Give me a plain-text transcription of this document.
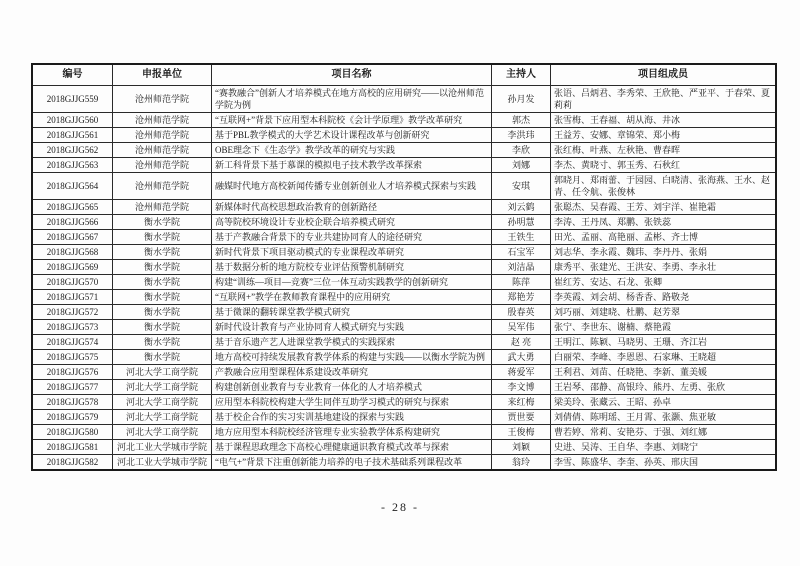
编号	申报单位	项目名称	主持人	项目组成员
2018GJJG559	沧州师范学院	“赛教融合”创新人才培养模式在地方高校的应用研究——以沧州师范学院为例	孙月发	张语、吕炳君、李秀荣、王欣艳、严亚平、于春荣、夏莉莉
2018GJJG560	沧州师范学院	“互联网+”背景下应用型本科院校《会计学原理》教学改革研究	郭杰	张雪梅、王春福、胡从海、井冰
2018GJJG561	沧州师范学院	基于PBL教学模式的大学艺术设计课程改革与创新研究	李洪玮	王益芳、安娜、章锦荣、郑小梅
2018GJJG562	沧州师范学院	OBE理念下《生态学》教学改革的研究与实践	李欣	张红梅、叶燕、左秋艳、曹春晖
2018GJJG563	沧州师范学院	新工科背景下基于慕课的模拟电子技术教学改革探索	刘娜	李杰、黄晓寸、郭玉秀、石秋红
2018GJJG564	沧州师范学院	融媒时代地方高校新闻传播专业创新创业人才培养模式探索与实践	安琪	郭晓月、郑雨蕾、于园园、白晓清、张海燕、王水、赵青、任令航、张俊林
2018GJJG565	沧州师范学院	新媒体时代高校思想政治教育的创新路径	刘云鹤	张聪杰、吴春霞、王芳、刘宇洋、崔艳霜
2018GJJG566	衡水学院	高等院校环境设计专业校企联合培养模式研究	孙明慧	李涛、王丹凤、郑鹏、张铁蕊
2018GJJG567	衡水学院	基于产教融合背景下的专业共建协同育人的途径研究	王铁生	田光、孟丽、高艳丽、孟彬、齐士博
2018GJJG568	衡水学院	新时代背景下项目驱动模式的专业课程改革研究	石宝军	刘志华、李永霞、魏玮、李丹丹、张娟
2018GJJG569	衡水学院	基于数据分析的地方院校专业评估预警机制研究	刘洁晶	康秀平、张建光、王洪安、李勇、李永壮
2018GJJG570	衡水学院	构建“训练—项目—竞赛”三位一体互动实践教学的创新研究	陈萍	崔红芳、安达、石龙、张卿
2018GJJG571	衡水学院	“互联网+”教学在教师教育课程中的应用研究	郑艳芳	李英霞、刘会胡、杨香香、路敬尧
2018GJJG572	衡水学院	基于微课的翻转课堂教学模式研究	殷春英	刘巧丽、刘建晓、杜鹏、赵芳翠
2018GJJG573	衡水学院	新时代设计教育与产业协同育人模式研究与实践	吴军伟	张宁、李世东、谢楠、蔡艳霞
2018GJJG574	衡水学院	基于音乐遗产艺人进课堂教学模式的实践探索	赵 亮	王明江、陈颖、马晓男、王珊、齐江岩
2018GJJG575	衡水学院	地方高校可持续发展教育教学体系的构建与实践——以衡水学院为例	武大勇	白丽荣、李峰、李恩恩、石家琳、王晓超
2018GJJG576	河北大学工商学院	产教融合应用型课程体系建设改革研究	蒋爱军	王利君、刘苗、任晓艳、李新、董美媛
2018GJJG577	河北大学工商学院	构建创新创业教育与专业教育一体化的人才培养模式	李文博	王岩琴、邵静、高银玲、熊丹、左勇、张欣
2018GJJG578	河北大学工商学院	应用型本科院校构建大学生同伴互助学习模式的研究与探索	来红梅	梁美玲、张藏云、王昭、孙卓
2018GJJG579	河北大学工商学院	基于校企合作的实习实训基地建设的探索与实践	贾世要	刘倩倩、陈明瑶、王月霄、张灏、焦亚敏
2018GJJG580	河北大学工商学院	地方应用型本科院校经济管理专业实验教学体系构建研究	王俊梅	曹若婷、常莉、安艳芬、于强、刘红娜
2018GJJG581	河北工业大学城市学院	基于课程思政理念下高校心理健康通识教育模式改革与探索	刘颖	史进、吴涛、王自华、李惠、刘晓宁
2018GJJG582	河北工业大学城市学院	“电气+”背景下注重创新能力培养的电子技术基础系列课程改革	翁玲	李雪、陈盛华、李奎、孙英、邢庆国
- 28 -
